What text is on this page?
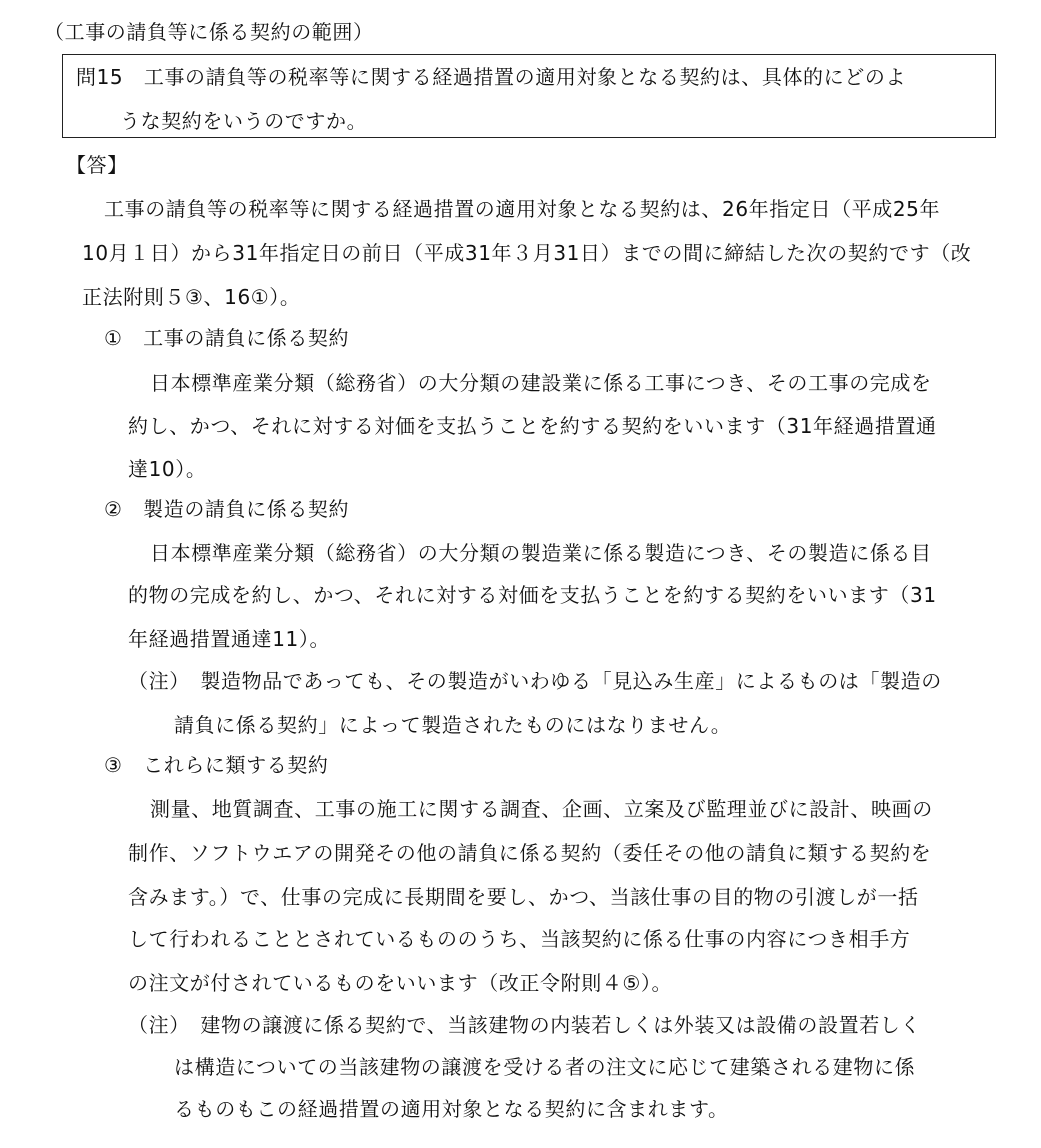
（工事の請負等に係る契約の範囲）
問15　工事の請負等の税率等に関する経過措置の適用対象となる契約は、具体的にどのよ
うな契約をいうのですか。
【答】
工事の請負等の税率等に関する経過措置の適用対象となる契約は、26年指定日（平成25年
10月１日）から31年指定日の前日（平成31年３月31日）までの間に締結した次の契約です（改
正法附則５③、16①）。
①　工事の請負に係る契約
日本標準産業分類（総務省）の大分類の建設業に係る工事につき、その工事の完成を
約し、かつ、それに対する対価を支払うことを約する契約をいいます（31年経過措置通
達10）。
②　製造の請負に係る契約
日本標準産業分類（総務省）の大分類の製造業に係る製造につき、その製造に係る目
的物の完成を約し、かつ、それに対する対価を支払うことを約する契約をいいます（31
年経過措置通達11）。
（注）　製造物品であっても、その製造がいわゆる「見込み生産」によるものは「製造の
請負に係る契約」によって製造されたものにはなりません。
③　これらに類する契約
測量、地質調査、工事の施工に関する調査、企画、立案及び監理並びに設計、映画の
制作、ソフトウエアの開発その他の請負に係る契約（委任その他の請負に類する契約を
含みます。）で、仕事の完成に長期間を要し、かつ、当該仕事の目的物の引渡しが一括
して行われることとされているもののうち、当該契約に係る仕事の内容につき相手方
の注文が付されているものをいいます（改正令附則４⑤）。
（注）　建物の譲渡に係る契約で、当該建物の内装若しくは外装又は設備の設置若しく
は構造についての当該建物の譲渡を受ける者の注文に応じて建築される建物に係
るものもこの経過措置の適用対象となる契約に含まれます。
